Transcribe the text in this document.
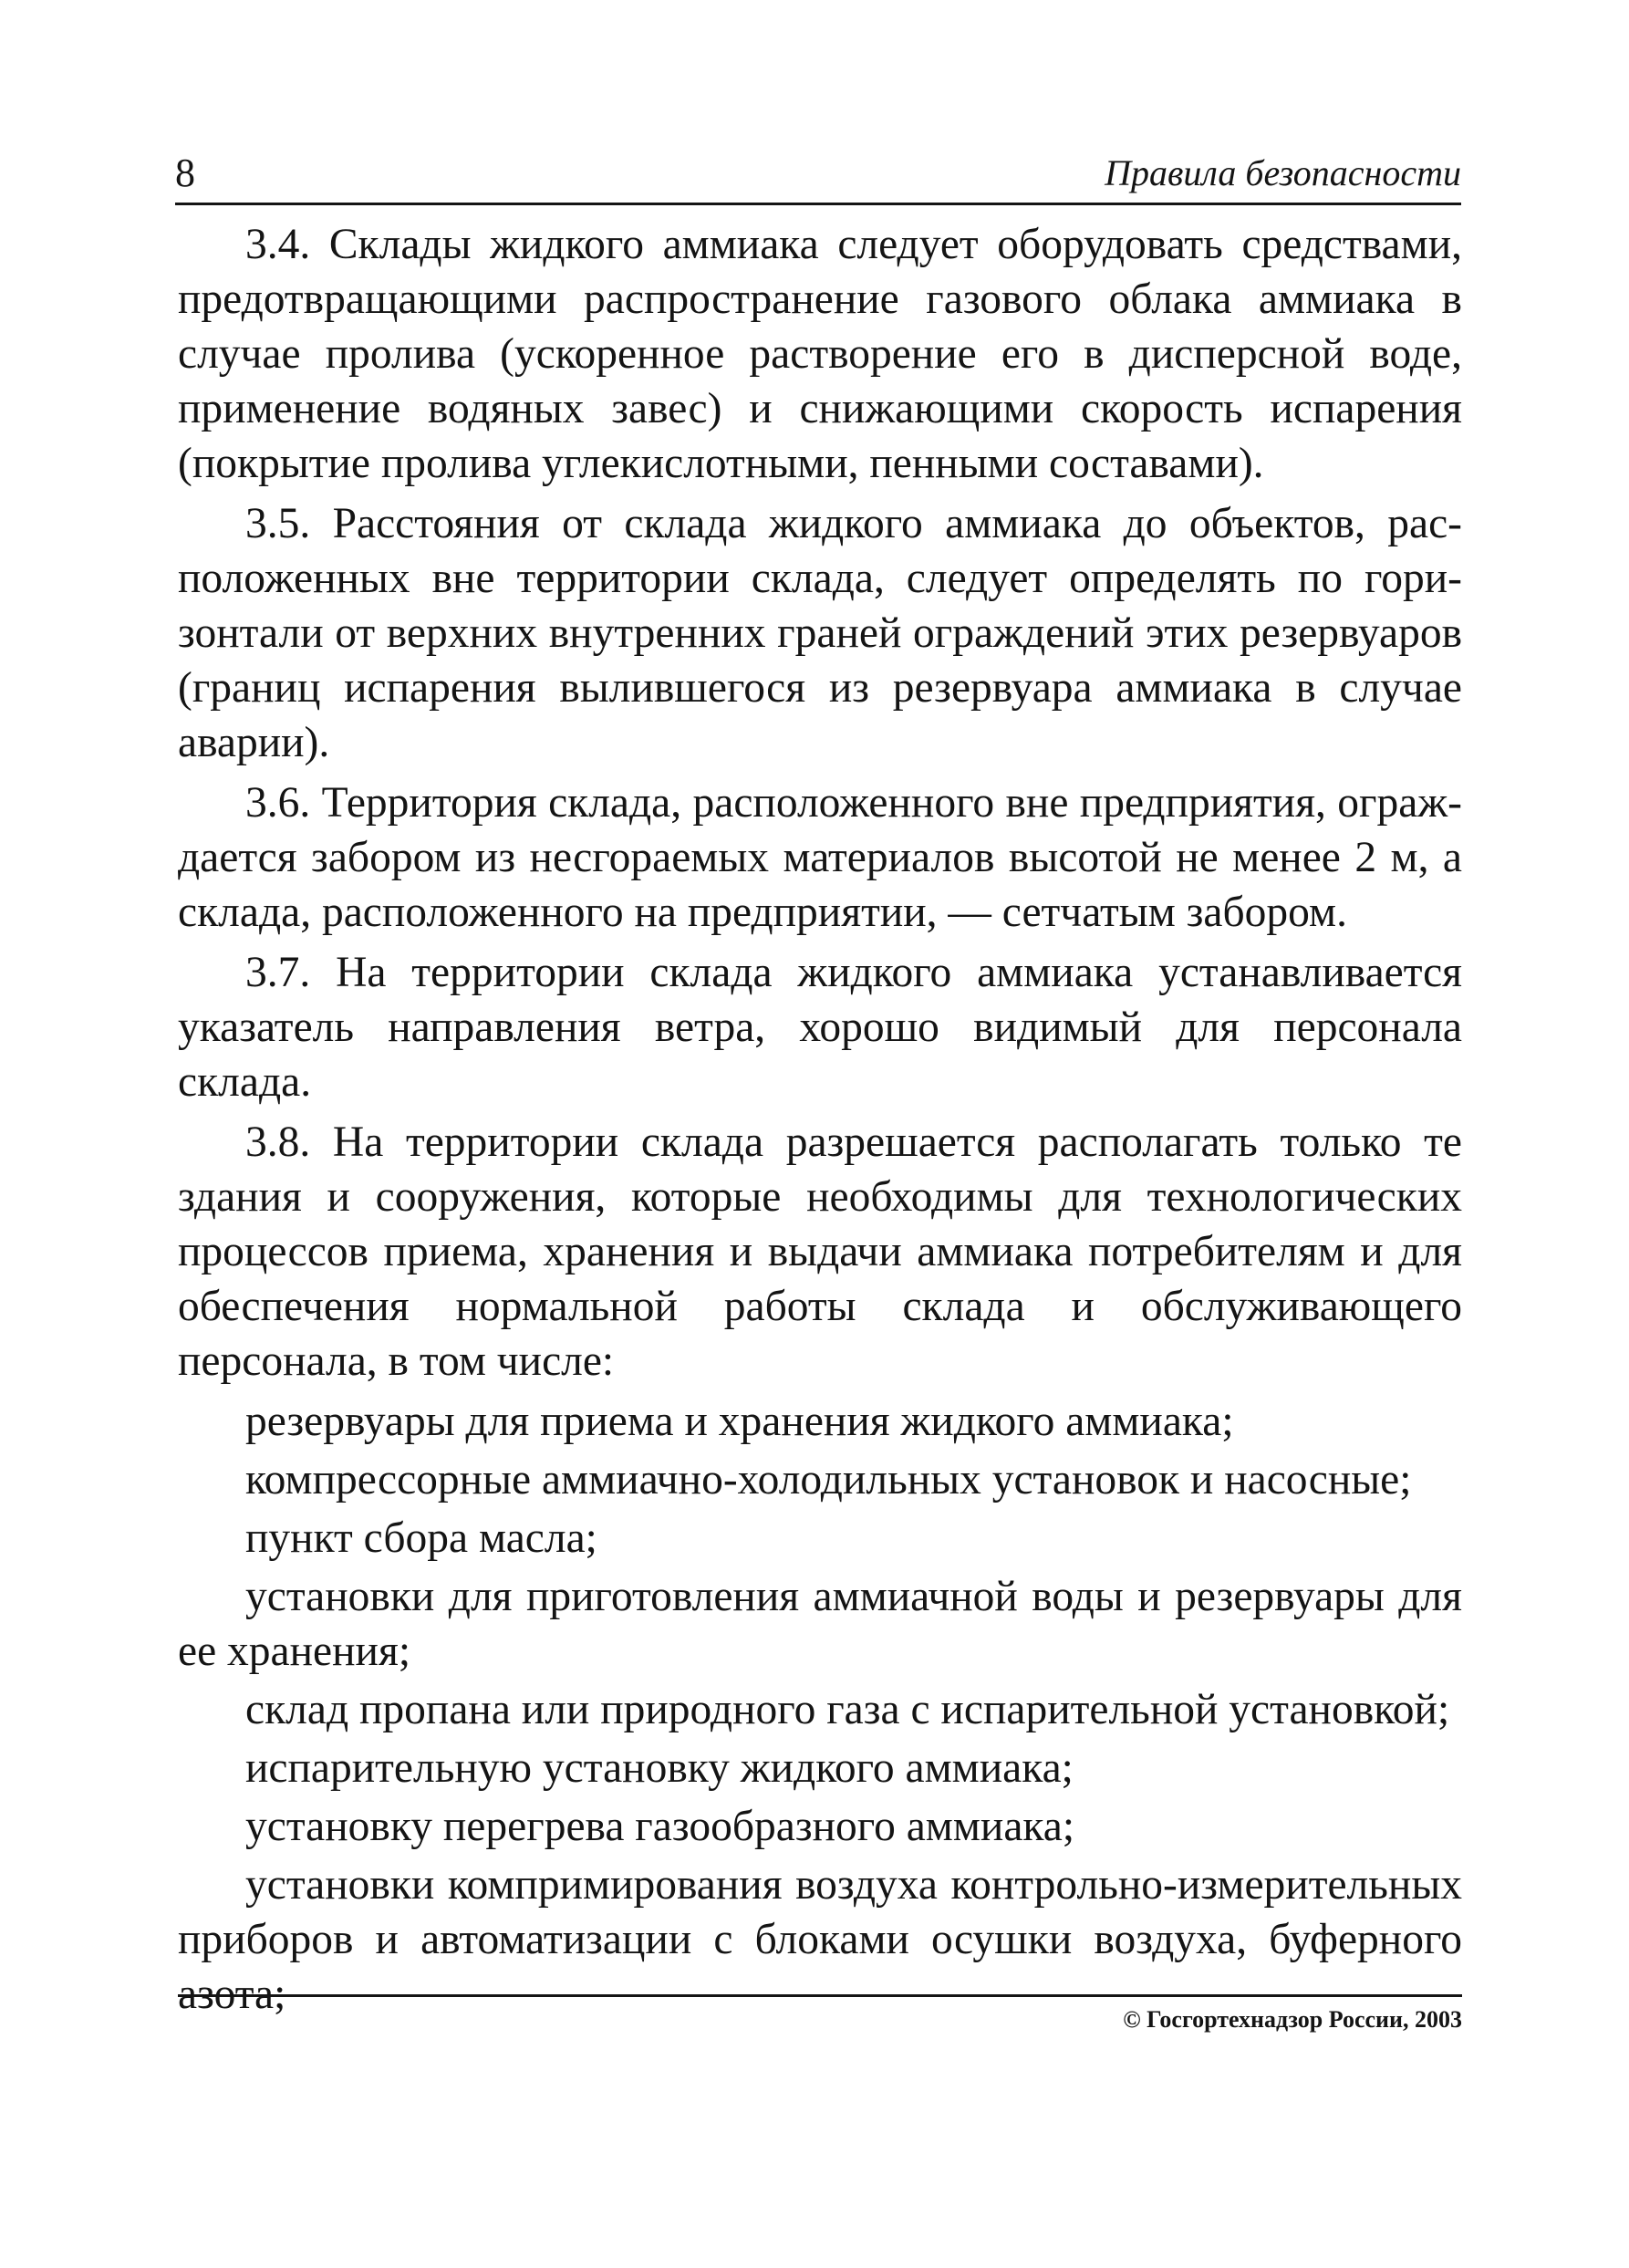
8	Правила безопасности

3.4. Склады жидкого аммиака следует оборудовать средствами, предотвращающими распространение газового облака аммиака в случае пролива (ускоренное растворение его в дисперсной воде, применение водяных завес) и снижающими скорость испарения (покрытие пролива углекислотными, пенными составами).

3.5. Расстояния от склада жидкого аммиака до объектов, расположенных вне территории склада, следует определять по горизонтали от верхних внутренних граней ограждений этих резервуаров (границ испарения вылившегося из резервуара аммиака в случае аварии).

3.6. Территория склада, расположенного вне предприятия, ограждается забором из несгораемых материалов высотой не менее 2 м, а склада, расположенного на предприятии, — сетчатым забором.

3.7. На территории склада жидкого аммиака устанавливается указатель направления ветра, хорошо видимый для персонала склада.

3.8. На территории склада разрешается располагать только те здания и сооружения, которые необходимы для технологических процессов приема, хранения и выдачи аммиака потребителям и для обеспечения нормальной работы склада и обслуживающего персонала, в том числе:

резервуары для приема и хранения жидкого аммиака;

компрессорные аммиачно-холодильных установок и насосные;

пункт сбора масла;

установки для приготовления аммиачной воды и резервуары для ее хранения;

склад пропана или природного газа с испарительной установкой;

испарительную установку жидкого аммиака;

установку перегрева газообразного аммиака;

установки компримирования воздуха контрольно-измерительных приборов и автоматизации с блоками осушки воздуха, буферного азота;

© Госгортехнадзор России, 2003
